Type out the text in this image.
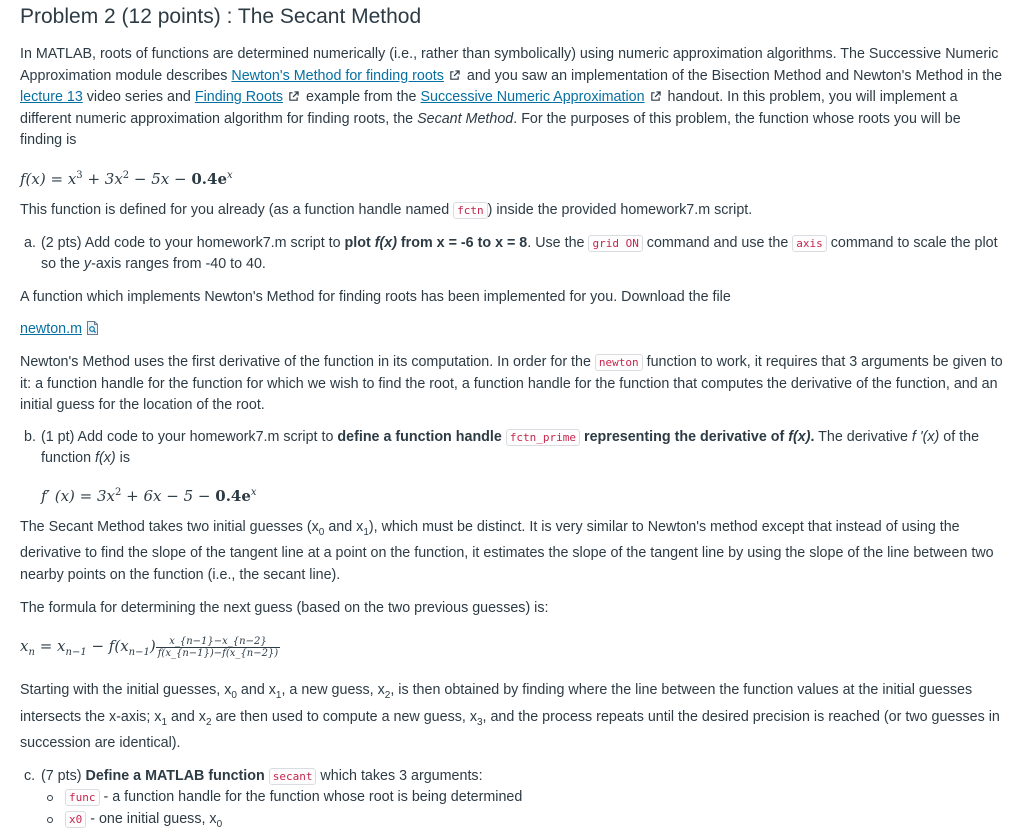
Problem 2 (12 points) : The Secant Method

In MATLAB, roots of functions are determined numerically (i.e., rather than symbolically) using numeric approximation algorithms. The Successive Numeric Approximation module describes Newton's Method for finding roots and you saw an implementation of the Bisection Method and Newton's Method in the lecture 13 video series and Finding Roots example from the Successive Numeric Approximation handout. In this problem, you will implement a different numeric approximation algorithm for finding roots, the Secant Method. For the purposes of this problem, the function whose roots you will be finding is

$f(x) = x^3 + 3x^2 - 5x - 0.4e^x$

This function is defined for you already (as a function handle named fctn ) inside the provided homework7.m script.

a. (2 pts) Add code to your homework7.m script to plot f(x) from x = -6 to x = 8. Use the grid ON command and use the axis command to scale the plot so the y-axis ranges from -40 to 40.

A function which implements Newton's Method for finding roots has been implemented for you. Download the file

newton.m

Newton's Method uses the first derivative of the function in its computation. In order for the newton function to work, it requires that 3 arguments be given to it: a function handle for the function for which we wish to find the root, a function handle for the function that computes the derivative of the function, and an initial guess for the location of the root.

b. (1 pt) Add code to your homework7.m script to define a function handle fctn_prime representing the derivative of f(x). The derivative f '(x) of the function f(x) is

f′ $(x) = 3x^2 + 6x - 5 - 0.4e^x$

The Secant Method takes two initial guesses ($x_0$ and $x_1$), which must be distinct. It is very similar to Newton's method except that instead of using the derivative to find the slope of the tangent line at a point on the function, it estimates the slope of the tangent line by using the slope of the line between two nearby points on the function (i.e., the secant line).

The formula for determining the next guess (based on the two previous guesses) is:

$x_n = x_{n-1} - f(x_{n-1}) \frac{x\_\{n-1\}-x\_\{n-2\}}{f(x\_\{n-1\})-f(x\_\{n-2\})}$

Starting with the initial guesses, $x_0$ and $x_1$, a new guess, $x_2$, is then obtained by finding where the line between the function values at the initial guesses intersects the x-axis; $x_1$ and $x_2$ are then used to compute a new guess, $x_3$, and the process repeats until the desired precision is reached (or two guesses in succession are identical).

c. (7 pts) Define a MATLAB function secant which takes 3 arguments:
func - a function handle for the function whose root is being determined
x0 - one initial guess, $x_0$
